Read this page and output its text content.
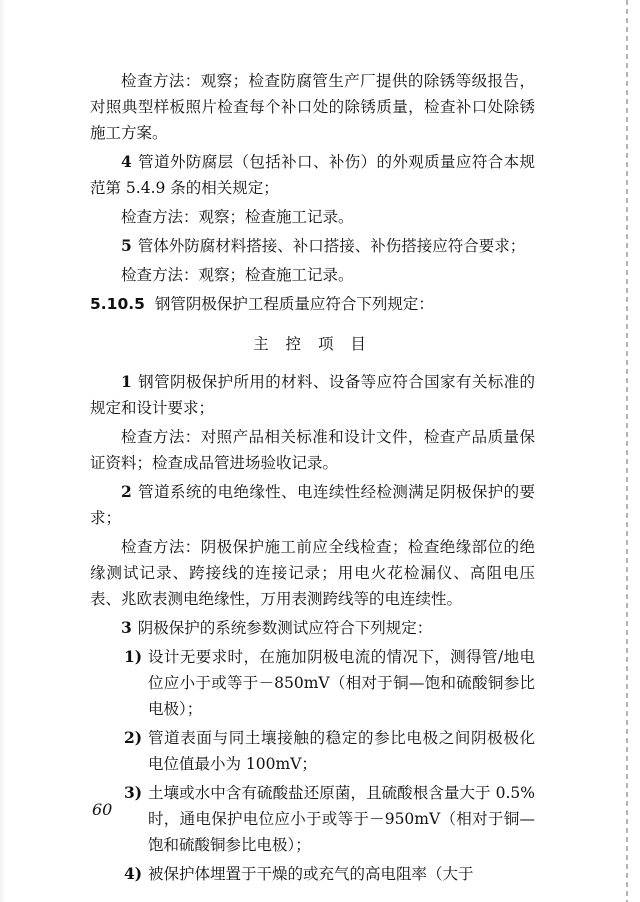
检查方法：观察；检查防腐管生产厂提供的除锈等级报告，对照典型样板照片检查每个补口处的除锈质量，检查补口处除锈施工方案。

4 管道外防腐层（包括补口、补伤）的外观质量应符合本规范第 5.4.9 条的相关规定；

检查方法：观察；检查施工记录。

5 管体外防腐材料搭接、补口搭接、补伤搭接应符合要求；

检查方法：观察；检查施工记录。

5.10.5 钢管阴极保护工程质量应符合下列规定：

主 控 项 目

1 钢管阴极保护所用的材料、设备等应符合国家有关标准的规定和设计要求；

检查方法：对照产品相关标准和设计文件，检查产品质量保证资料；检查成品管进场验收记录。

2 管道系统的电绝缘性、电连续性经检测满足阴极保护的要求；

检查方法：阴极保护施工前应全线检查；检查绝缘部位的绝缘测试记录、跨接线的连接记录；用电火花检漏仪、高阻电压表、兆欧表测电绝缘性，万用表测跨线等的电连续性。

3 阴极保护的系统参数测试应符合下列规定：

1) 设计无要求时，在施加阴极电流的情况下，测得管/地电位应小于或等于－850mV（相对于铜—饱和硫酸铜参比电极）；

2) 管道表面与同土壤接触的稳定的参比电极之间阴极极化电位值最小为 100mV；

3) 土壤或水中含有硫酸盐还原菌，且硫酸根含量大于 0.5%时，通电保护电位应小于或等于－950mV（相对于铜—饱和硫酸铜参比电极）；

4) 被保护体埋置于干燥的或充气的高电阻率（大于

60
